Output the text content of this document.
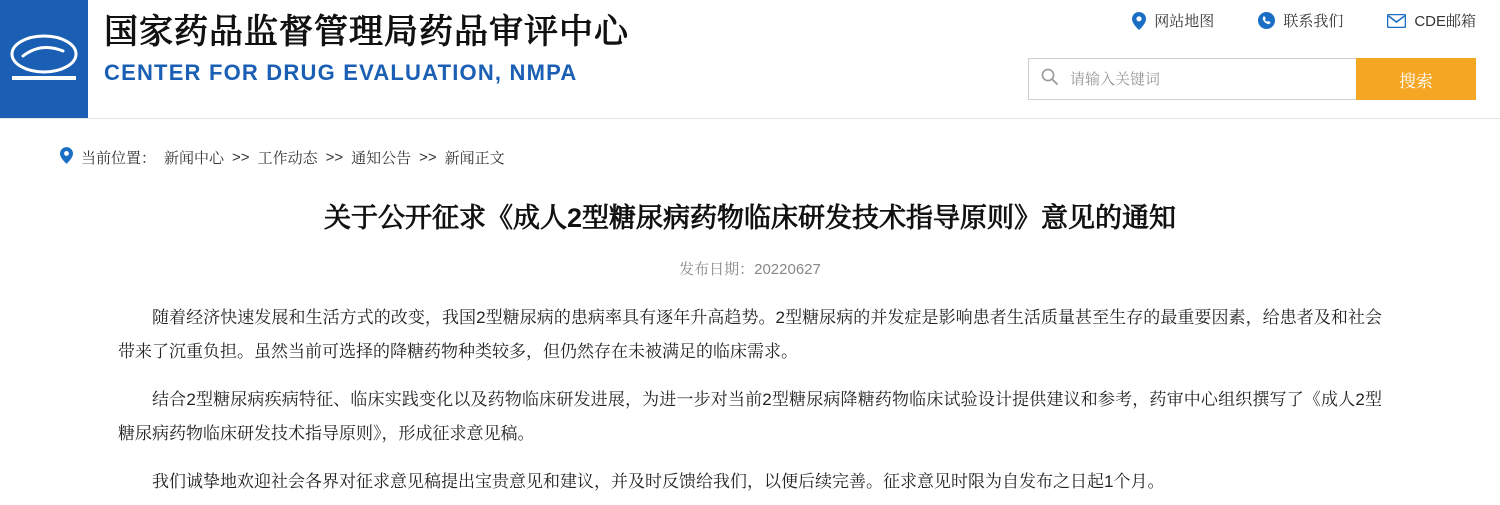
国家药品监督管理局药品审评中心
CENTER FOR DRUG EVALUATION, NMPA
网站地图	联系我们	CDE邮箱
请输入关键词
搜索
当前位置： 新闻中心 >> 工作动态 >> 通知公告 >> 新闻正文
关于公开征求《成人2型糖尿病药物临床研发技术指导原则》意见的通知
发布日期：20220627

随着经济快速发展和生活方式的改变，我国2型糖尿病的患病率具有逐年升高趋势。2型糖尿病的并发症是影响患者生活质量甚至生存的最重要因素，给患者及和社会带来了沉重负担。虽然当前可选择的降糖药物种类较多，但仍然存在未被满足的临床需求。

结合2型糖尿病疾病特征、临床实践变化以及药物临床研发进展，为进一步对当前2型糖尿病降糖药物临床试验设计提供建议和参考，药审中心组织撰写了《成人2型糖尿病药物临床研发技术指导原则》，形成征求意见稿。

我们诚挚地欢迎社会各界对征求意见稿提出宝贵意见和建议，并及时反馈给我们，以便后续完善。征求意见时限为自发布之日起1个月。
